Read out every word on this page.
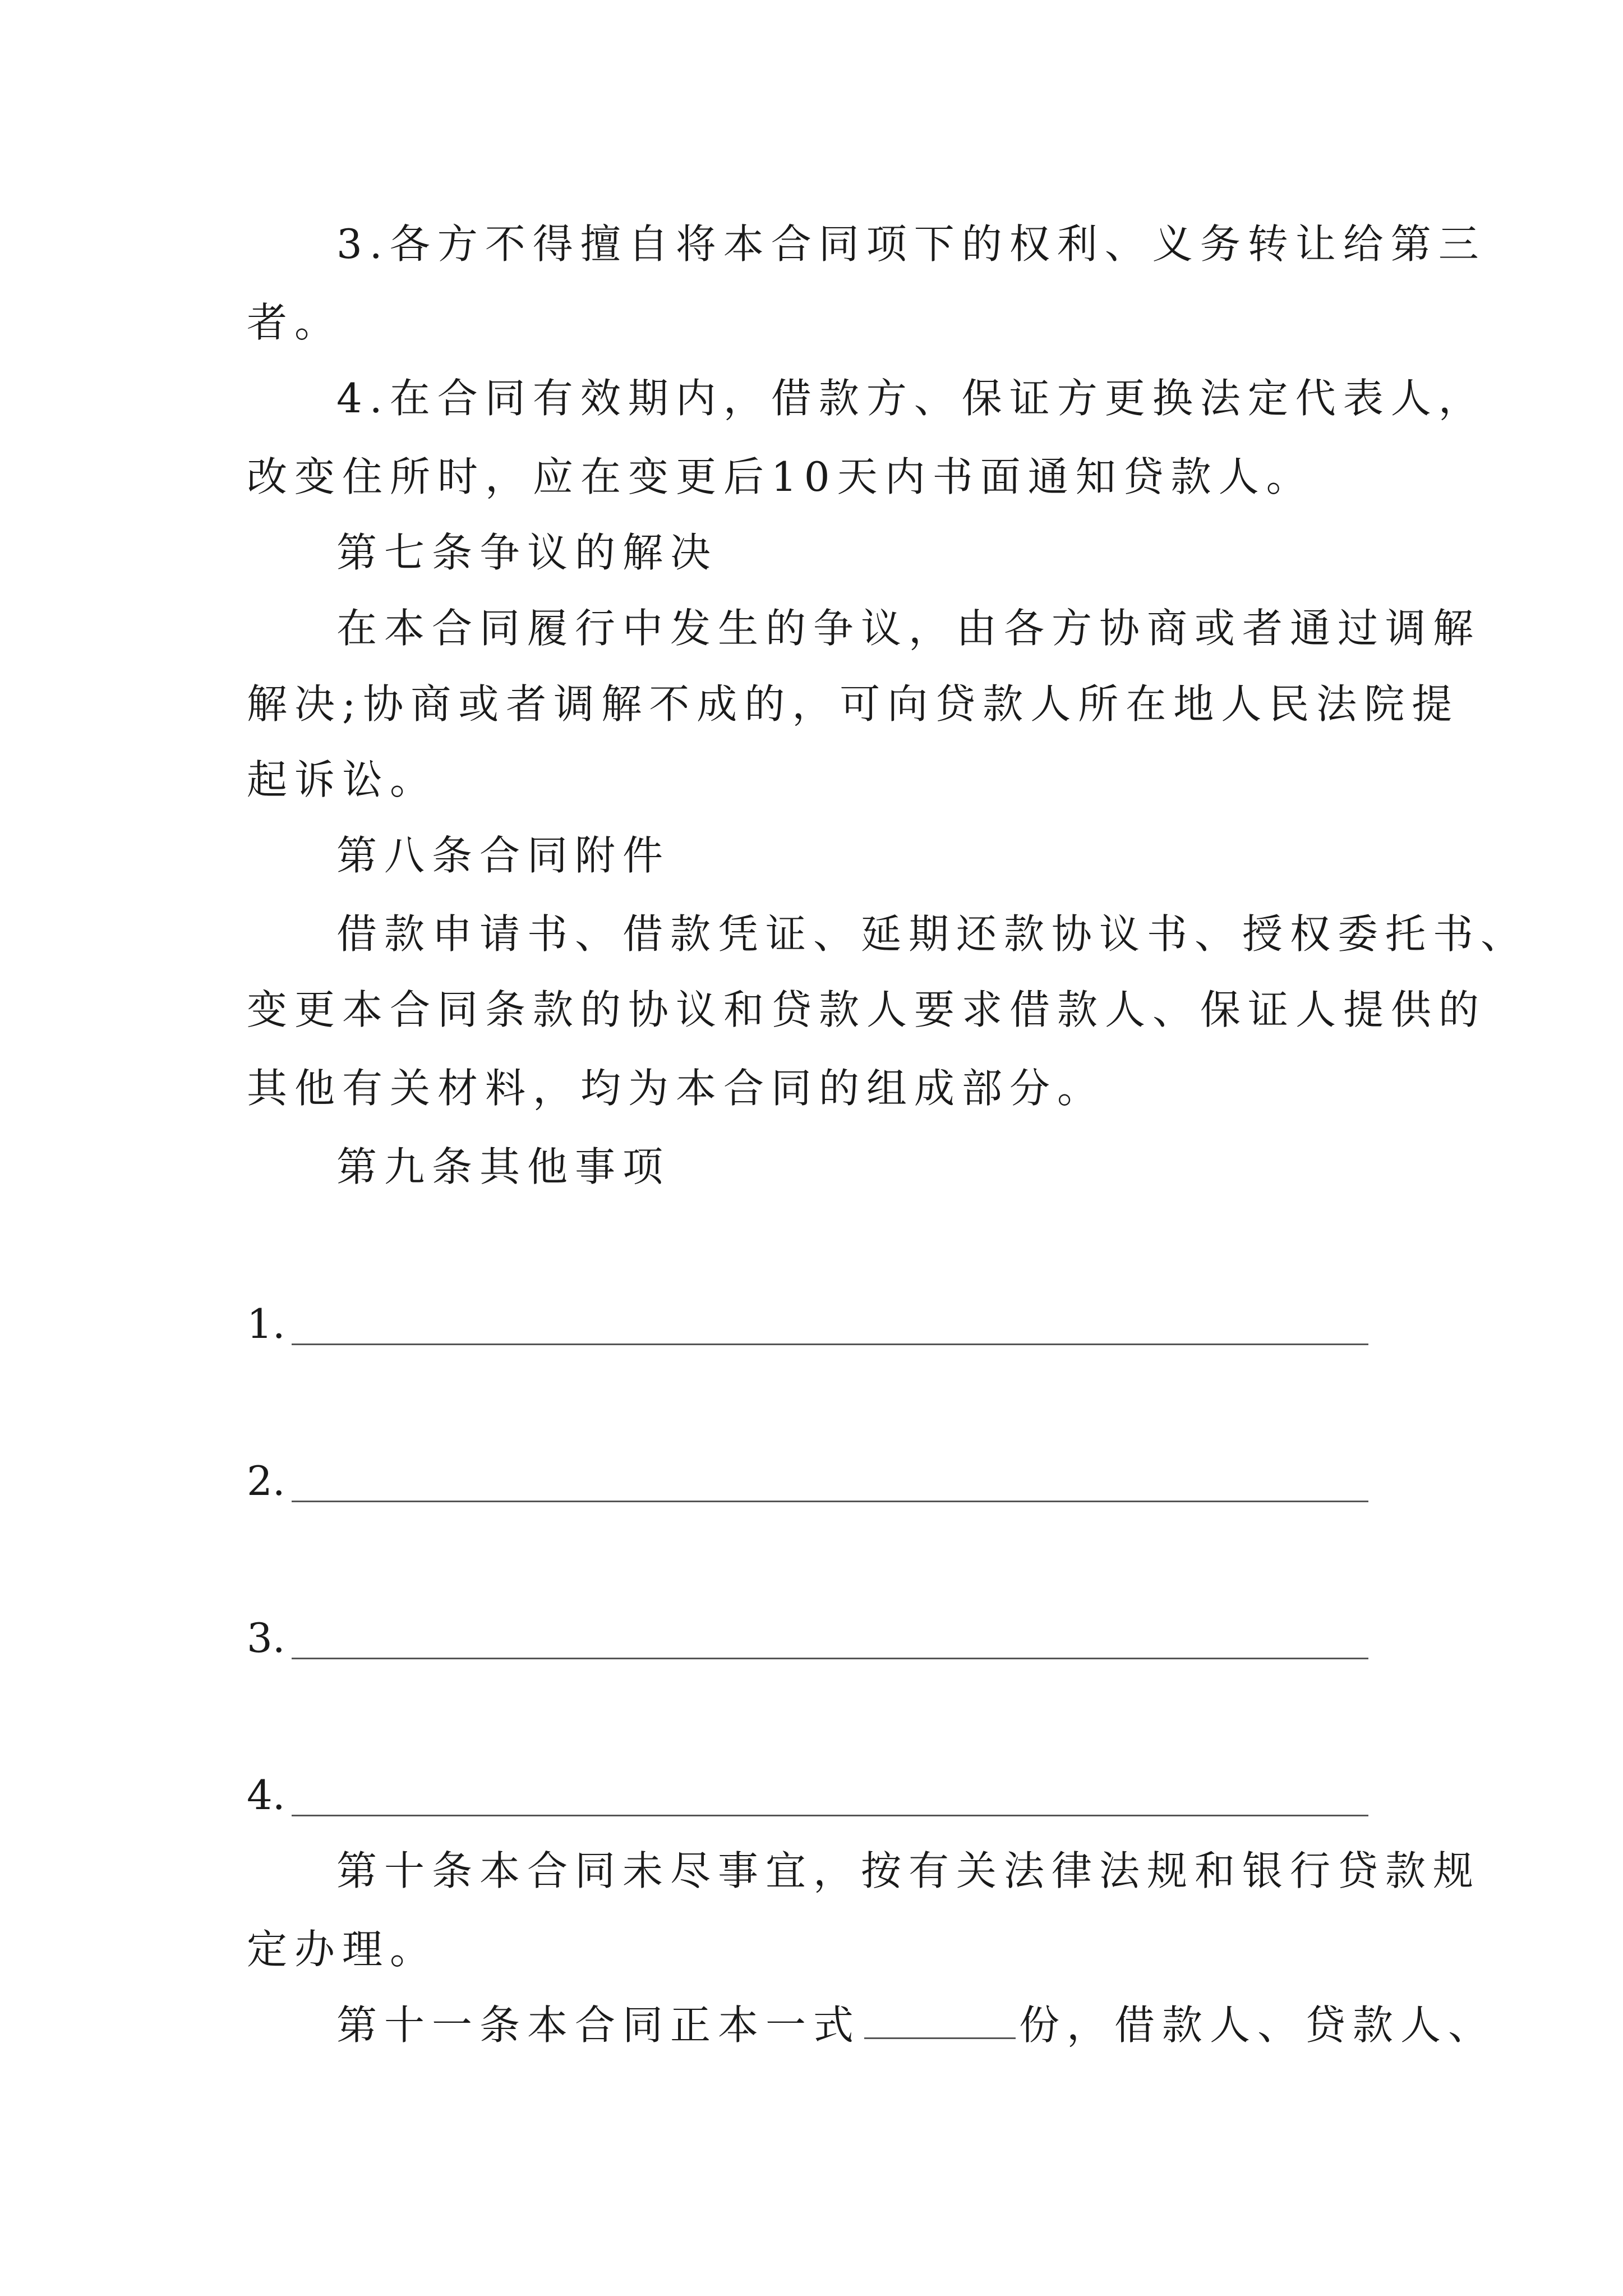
3.各方不得擅自将本合同项下的权利、义务转让给第三
者。
4.在合同有效期内，借款方、保证方更换法定代表人，
改变住所时，应在变更后10天内书面通知贷款人。
第七条争议的解决
在本合同履行中发生的争议，由各方协商或者通过调解
解决;协商或者调解不成的，可向贷款人所在地人民法院提
起诉讼。
第八条合同附件
借款申请书、借款凭证、延期还款协议书、授权委托书、
变更本合同条款的协议和贷款人要求借款人、保证人提供的
其他有关材料，均为本合同的组成部分。
第九条其他事项
1.
2.
3.
4.
第十条本合同未尽事宜，按有关法律法规和银行贷款规
定办理。
第十一条本合同正本一式	份，借款人、贷款人、
